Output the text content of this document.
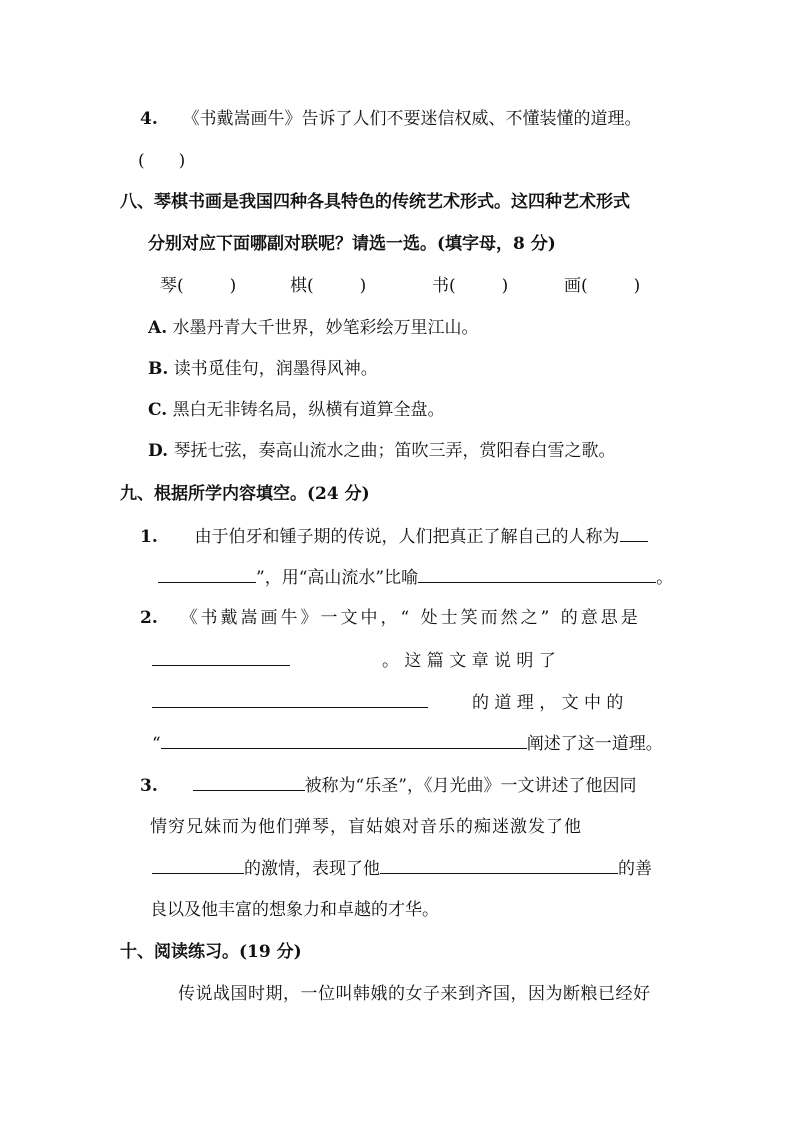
4. 《书戴嵩画牛》告诉了人们不要迷信权威、不懂装懂的道理。
(　　)
八、琴棋书画是我国四种各具特色的传统艺术形式。这四种艺术形式
分别对应下面哪副对联呢？请选一选。(填字母，8 分)
琴(	)	棋(	)	书(	)	画(	)
A. 水墨丹青大千世界，妙笔彩绘万里江山。
B. 读书觅佳句，润墨得风神。
C. 黑白无非铸名局，纵横有道算全盘。
D. 琴抚七弦，奏高山流水之曲；笛吹三弄，赏阳春白雪之歌。
九、根据所学内容填空。(24 分)
1. 由于伯牙和锺子期的传说，人们把真正了解自己的人称为
”，用“高山流水”比喻	。
2. 《书戴嵩画牛》一文中，“ 处士笑而然之” 的意思是
。 这 篇 文 章 说 明 了
的 道 理 ， 文 中 的
“	阐述了这一道理。
3.	被称为“乐圣”，《月光曲》一文讲述了他因同
情穷兄妹而为他们弹琴，盲姑娘对音乐的痴迷激发了他
的激情，表现了他	的善
良以及他丰富的想象力和卓越的才华。
十、阅读练习。(19 分)
传说战国时期，一位叫韩娥的女子来到齐国，因为断粮已经好
